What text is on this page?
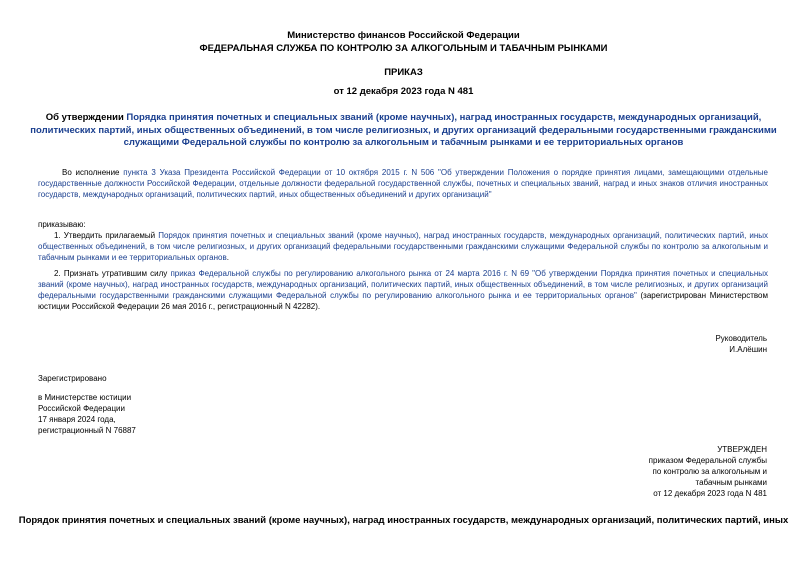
Министерство финансов Российской Федерации
ФЕДЕРАЛЬНАЯ СЛУЖБА ПО КОНТРОЛЮ ЗА АЛКОГОЛЬНЫМ И ТАБАЧНЫМ РЫНКАМИ
ПРИКАЗ
от 12 декабря 2023 года N 481
Об утверждении Порядка принятия почетных и специальных званий (кроме научных), наград иностранных государств, международных организаций, политических партий, иных общественных объединений, в том числе религиозных, и других организаций федеральными государственными гражданскими служащими Федеральной службы по контролю за алкогольным и табачным рынками и ее территориальных органов
Во исполнение пункта 3 Указа Президента Российской Федерации от 10 октября 2015 г. N 506 "Об утверждении Положения о порядке принятия лицами, замещающими отдельные государственные должности Российской Федерации, отдельные должности федеральной государственной службы, почетных и специальных званий, наград и иных знаков отличия иностранных государств, международных организаций, политических партий, иных общественных объединений и других организаций"
приказываю:
1. Утвердить прилагаемый Порядок принятия почетных и специальных званий (кроме научных), наград иностранных государств, международных организаций, политических партий, иных общественных объединений, в том числе религиозных, и других организаций федеральными государственными гражданскими служащими Федеральной службы по контролю за алкогольным и табачным рынками и ее территориальных органов.
2. Признать утратившим силу приказ Федеральной службы по регулированию алкогольного рынка от 24 марта 2016 г. N 69 "Об утверждении Порядка принятия почетных и специальных званий (кроме научных), наград иностранных государств, международных организаций, политических партий, иных общественных объединений, в том числе религиозных, и других организаций федеральными государственными гражданскими служащими Федеральной службы по регулированию алкогольного рынка и ее территориальных органов" (зарегистрирован Министерством юстиции Российской Федерации 26 мая 2016 г., регистрационный N 42282).
Руководитель
И.Алёшин
Зарегистрировано
в Министерстве юстиции
Российской Федерации
17 января 2024 года,
регистрационный N 76887
УТВЕРЖДЕН
приказом Федеральной службы
по контролю за алкогольным и
табачным рынками
от 12 декабря 2023 года N 481
Порядок принятия почетных и специальных званий (кроме научных), наград иностранных государств, международных организаций, политических партий, иных
